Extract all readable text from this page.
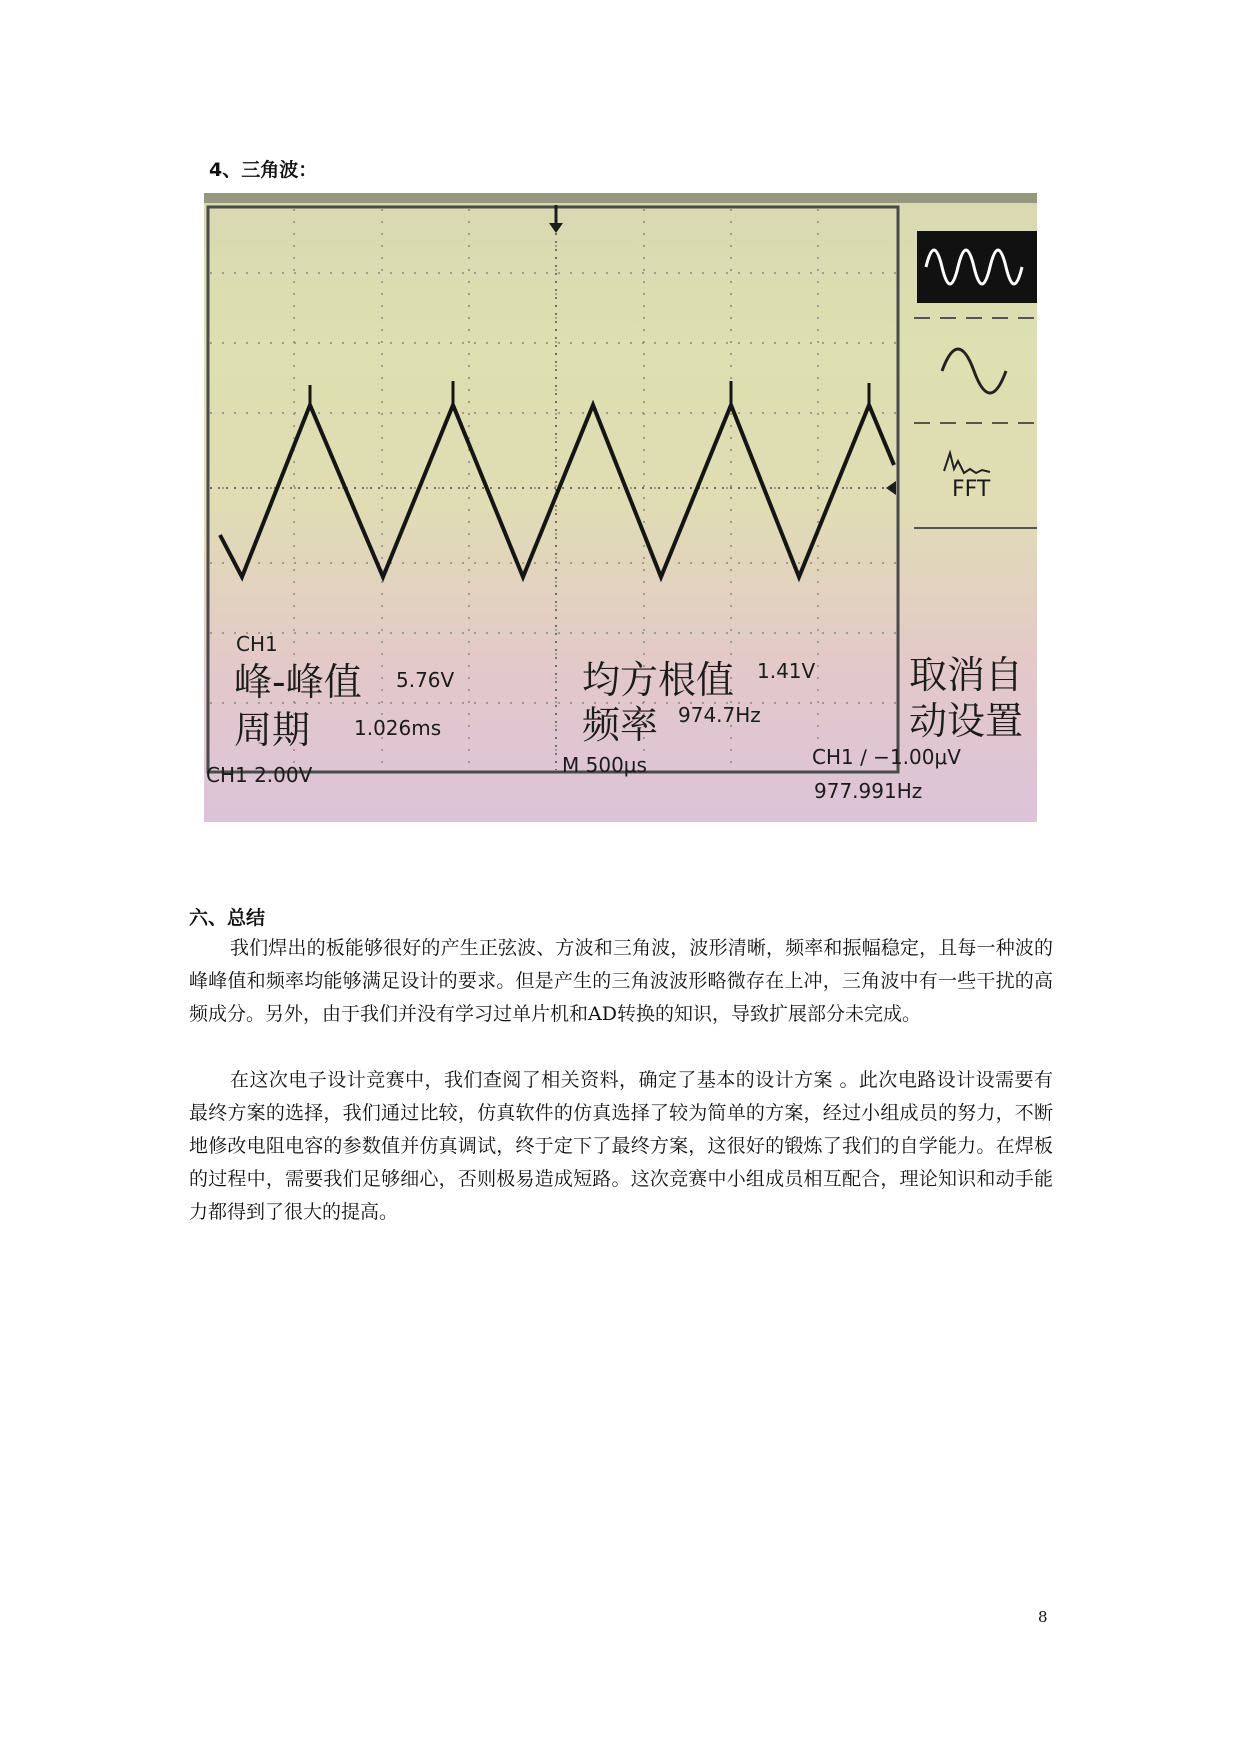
4、三角波：

CH1

峰-峰值 5.76V

周期 1.026ms

均方根值 1.41V

频率 974.7Hz

取消自

动设置

FFT

CH1 2.00V	M 500μs	CH1 ∕ −1.00μV

977.991Hz

六、总结

我们焊出的板能够很好的产生正弦波、方波和三角波，波形清晰，频率和振幅稳定，且每一种波的峰峰值和频率均能够满足设计的要求。但是产生的三角波波形略微存在上冲，三角波中有一些干扰的高频成分。另外，由于我们并没有学习过单片机和AD转换的知识，导致扩展部分未完成。

在这次电子设计竞赛中，我们查阅了相关资料，确定了基本的设计方案 。此次电路设计设需要有最终方案的选择，我们通过比较，仿真软件的仿真选择了较为简单的方案，经过小组成员的努力，不断地修改电阻电容的参数值并仿真调试，终于定下了最终方案，这很好的锻炼了我们的自学能力。在焊板的过程中，需要我们足够细心，否则极易造成短路。这次竞赛中小组成员相互配合，理论知识和动手能力都得到了很大的提高。

8
